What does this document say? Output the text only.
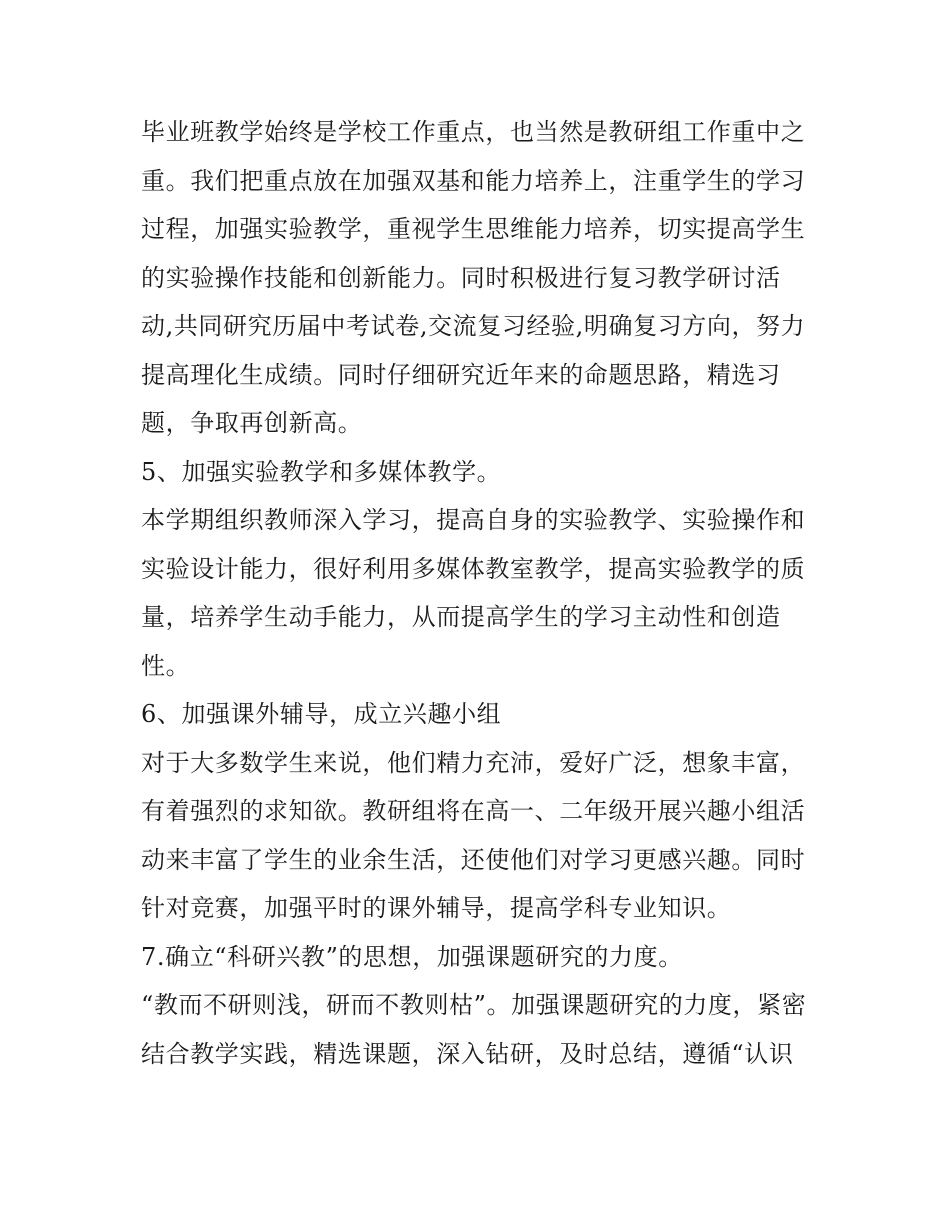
毕业班教学始终是学校工作重点，也当然是教研组工作重中之
重。我们把重点放在加强双基和能力培养上，注重学生的学习
过程，加强实验教学，重视学生思维能力培养，切实提高学生
的实验操作技能和创新能力。同时积极进行复习教学研讨活
动,共同研究历届中考试卷,交流复习经验,明确复习方向，努力
提高理化生成绩。同时仔细研究近年来的命题思路，精选习
题，争取再创新高。
5、加强实验教学和多媒体教学。
本学期组织教师深入学习，提高自身的实验教学、实验操作和
实验设计能力，很好利用多媒体教室教学，提高实验教学的质
量，培养学生动手能力，从而提高学生的学习主动性和创造
性。
6、加强课外辅导，成立兴趣小组
对于大多数学生来说，他们精力充沛，爱好广泛，想象丰富，
有着强烈的求知欲。教研组将在高一、二年级开展兴趣小组活
动来丰富了学生的业余生活，还使他们对学习更感兴趣。同时
针对竞赛，加强平时的课外辅导，提高学科专业知识。
7.确立“科研兴教”的思想，加强课题研究的力度。
“教而不研则浅，研而不教则枯”。加强课题研究的力度，紧密
结合教学实践，精选课题，深入钻研，及时总结，遵循“认识
